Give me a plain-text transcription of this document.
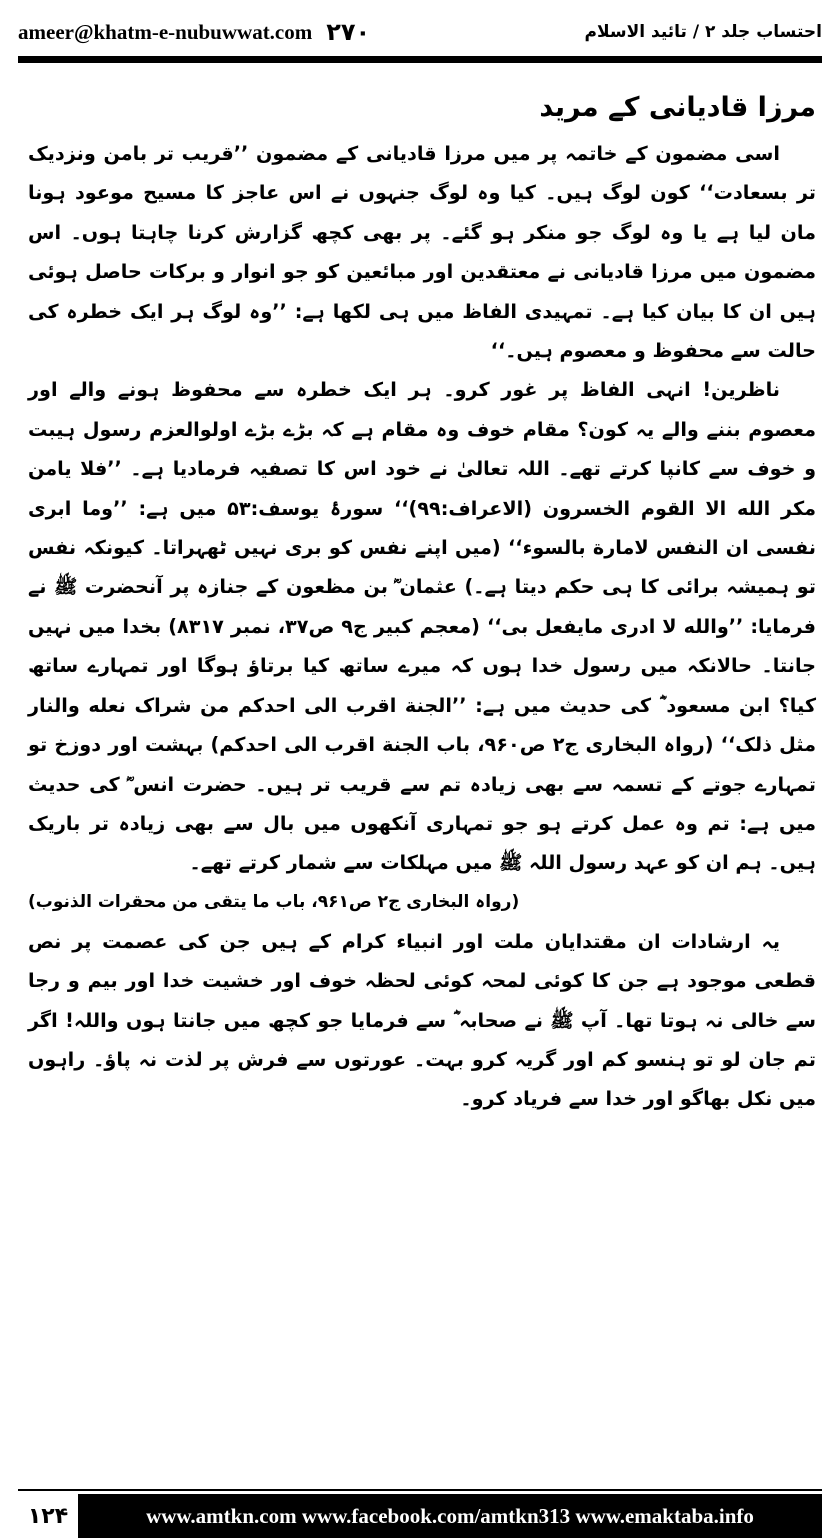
ameer@khatm-e-nubuwwat.com ۲۷۰	احتساب جلد ۲ / تائید الاسلام
مرزا قادیانی کے مرید

اسی مضمون کے خاتمہ پر میں مرزا قادیانی کے مضمون ’’قریب تر بامن ونزدیک تر بسعادت‘‘ کون لوگ ہیں۔ کیا وہ لوگ جنہوں نے اس عاجز کا مسیح موعود ہونا مان لیا ہے یا وہ لوگ جو منکر ہو گئے۔ پر بھی کچھ گزارش کرنا چاہتا ہوں۔ اس مضمون میں مرزا قادیانی نے معتقدین اور مبائعین کو جو انوار و برکات حاصل ہوئی ہیں ان کا بیان کیا ہے۔ تمہیدی الفاظ میں ہی لکھا ہے: ’’وہ لوگ ہر ایک خطرہ کی حالت سے محفوظ و معصوم ہیں۔‘‘

ناظرین! انہی الفاظ پر غور کرو۔ ہر ایک خطرہ سے محفوظ ہونے والے اور معصوم بننے والے یہ کون؟ مقام خوف وہ مقام ہے کہ بڑے بڑے اولوالعزم رسول ہیبت و خوف سے کانپا کرتے تھے۔ اللہ تعالیٰ نے خود اس کا تصفیہ فرمادیا ہے۔ ’’فلا یامن مکر الله الا القوم الخسرون (الاعراف:۹۹)‘‘ سورۂ یوسف:۵۳ میں ہے: ’’وما ابری نفسی ان النفس لامارة بالسوء‘‘ (میں اپنے نفس کو بری نہیں ٹھہراتا۔ کیونکہ نفس تو ہمیشہ برائی کا ہی حکم دیتا ہے۔) عثمان ؓ بن مظعون کے جنازہ پر آنحضرت ﷺ نے فرمایا: ’’والله لا ادری مایفعل بی‘‘ (معجم کبیر ج۹ ص۳۷، نمبر ۸۳۱۷) بخدا میں نہیں جانتا۔ حالانکہ میں رسول خدا ہوں کہ میرے ساتھ کیا برتاؤ ہوگا اور تمہارے ساتھ کیا؟ ابن مسعود ؓ کی حدیث میں ہے: ’’الجنة اقرب الی احدکم من شراک نعله والنار مثل ذلک‘‘ (رواہ البخاری ج۲ ص۹۶۰، باب الجنة اقرب الی احدکم) بہشت اور دوزخ تو تمہارے جوتے کے تسمہ سے بھی زیادہ تم سے قریب تر ہیں۔ حضرت انس ؓ کی حدیث میں ہے: تم وہ عمل کرتے ہو جو تمہاری آنکھوں میں بال سے بھی زیادہ تر باریک ہیں۔ ہم ان کو عہد رسول اللہ ﷺ میں مہلکات سے شمار کرتے تھے۔

(رواہ البخاری ج۲ ص۹۶۱، باب ما یتقی من محقرات الذنوب)

یہ ارشادات ان مقتدایان ملت اور انبیاء کرام کے ہیں جن کی عصمت پر نص قطعی موجود ہے جن کا کوئی لمحہ کوئی لحظہ خوف اور خشیت خدا اور بیم و رجا سے خالی نہ ہوتا تھا۔ آپ ﷺ نے صحابہ ؓ سے فرمایا جو کچھ میں جانتا ہوں واللہ! اگر تم جان لو تو ہنسو کم اور گریہ کرو بہت۔ عورتوں سے فرش پر لذت نہ پاؤ۔ راہوں میں نکل بھاگو اور خدا سے فریاد کرو۔

۱۲۴	www.amtkn.com www.facebook.com/amtkn313 www.emaktaba.info
